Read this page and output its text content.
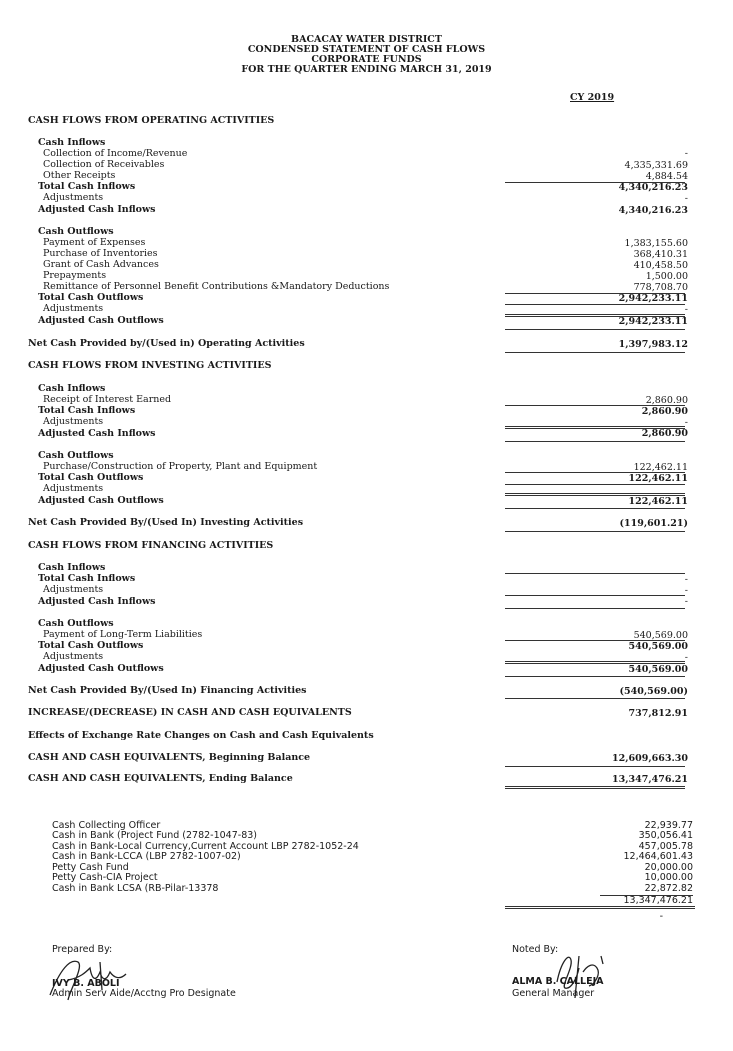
BACACAY WATER DISTRICT
CONDENSED STATEMENT OF CASH FLOWS
CORPORATE FUNDS
FOR THE QUARTER ENDING MARCH 31, 2019
CY 2019
CASH FLOWS FROM OPERATING ACTIVITIES
Cash Inflows
Collection of Income/Revenue	-
Collection of Receivables	4,335,331.69
Other Receipts	4,884.54
Total Cash Inflows	4,340,216.23
Adjustments	-
Adjusted Cash Inflows	4,340,216.23
Cash Outflows
Payment of Expenses	1,383,155.60
Purchase of Inventories	368,410.31
Grant of Cash Advances	410,458.50
Prepayments	1,500.00
Remittance of Personnel Benefit Contributions &Mandatory Deductions	778,708.70
Total Cash Outflows	2,942,233.11
Adjustments	-
Adjusted Cash Outflows	2,942,233.11
Net Cash Provided by/(Used in) Operating Activities	1,397,983.12
CASH FLOWS FROM INVESTING ACTIVITIES
Cash Inflows
Receipt of Interest Earned	2,860.90
Total Cash Inflows	2,860.90
Adjustments	-
Adjusted Cash Inflows	2,860.90
Cash Outflows
Purchase/Construction of Property, Plant and Equipment	122,462.11
Total Cash Outflows	122,462.11
Adjustments
Adjusted Cash Outflows	122,462.11
Net Cash Provided By/(Used In) Investing Activities	(119,601.21)
CASH FLOWS FROM FINANCING ACTIVITIES
Cash Inflows
Total Cash Inflows	-
Adjustments	-
Adjusted Cash Inflows	-
Cash Outflows
Payment of Long-Term Liabilities	540,569.00
Total Cash Outflows	540,569.00
Adjustments	-
Adjusted Cash Outflows	540,569.00
Net Cash Provided By/(Used In) Financing Activities	(540,569.00)
INCREASE/(DECREASE) IN CASH AND CASH EQUIVALENTS	737,812.91
Effects of Exchange Rate Changes on Cash and Cash Equivalents
CASH AND CASH EQUIVALENTS, Beginning Balance	12,609,663.30
CASH AND CASH EQUIVALENTS, Ending Balance	13,347,476.21
Cash Collecting Officer	22,939.77
Cash in Bank (Project Fund (2782-1047-83)	350,056.41
Cash in Bank-Local Currency,Current Account LBP 2782-1052-24	457,005.78
Cash in Bank-LCCA (LBP 2782-1007-02)	12,464,601.43
Petty Cash Fund	20,000.00
Petty Cash-CIA Project	10,000.00
Cash in Bank LCSA (RB-Pilar-13378	22,872.82
13,347,476.21
-
Prepared By:
IVY B. ABOLI
Admin Serv Aide/Acctng Pro Designate
Noted By:
ALMA B. CALLEJA
General Manager
